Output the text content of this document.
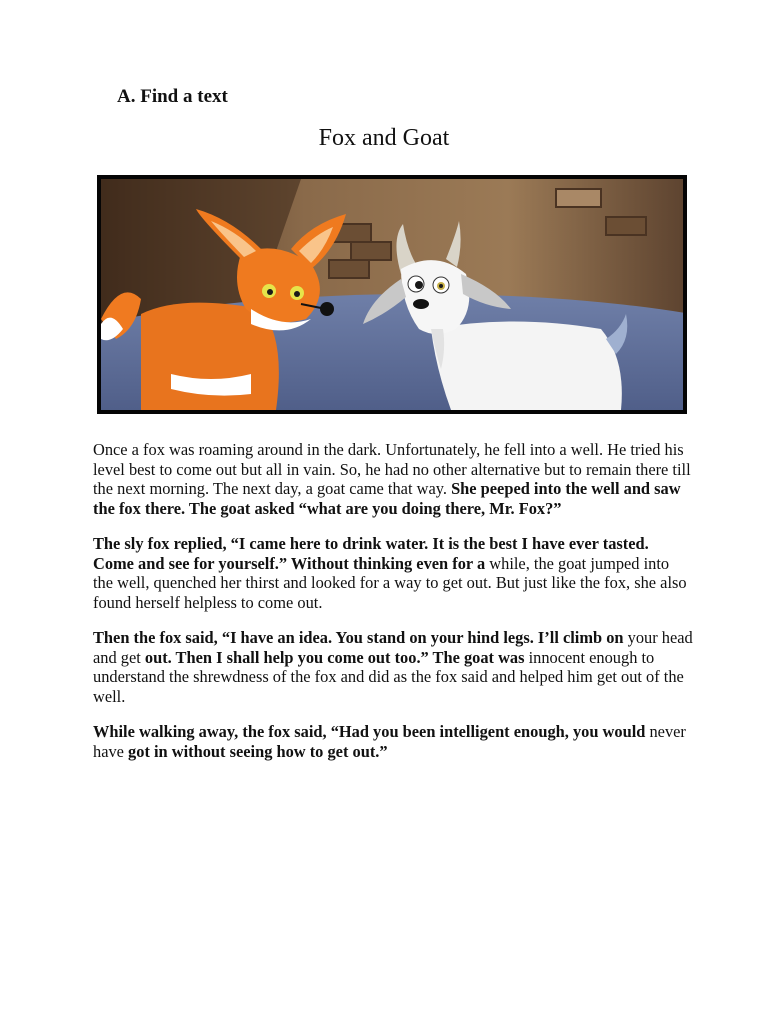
A. Find a text
Fox and Goat

Once a fox was roaming around in the dark. Unfortunately, he fell into a well. He tried his level best to come out but all in vain. So, he had no other alternative but to remain there till the next morning. The next day, a goat came that way. She peeped into the well and saw the fox there. The goat asked “what are you doing there, Mr. Fox?”

The sly fox replied, “I came here to drink water. It is the best I have ever tasted. Come and see for yourself.” Without thinking even for a while, the goat jumped into the well, quenched her thirst and looked for a way to get out. But just like the fox, she also found herself helpless to come out.

Then the fox said, “I have an idea. You stand on your hind legs. I’ll climb on your head and get out. Then I shall help you come out too.” The goat was innocent enough to understand the shrewdness of the fox and did as the fox said and helped him get out of the well.

While walking away, the fox said, “Had you been intelligent enough, you would never have got in without seeing how to get out.”
